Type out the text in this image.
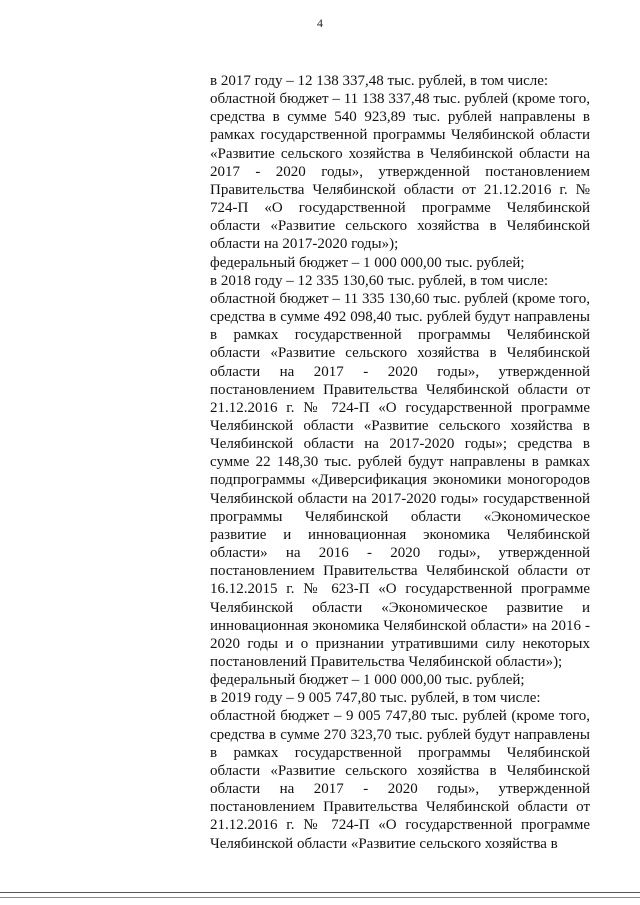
4

в 2017 году – 12 138 337,48 тыс. рублей, в том числе:

областной бюджет – 11 138 337,48 тыс. рублей (кроме того, средства в сумме 540 923,89 тыс. рублей направлены в рамках государственной программы Челябинской области «Развитие сельского хозяйства в Челябинской области на 2017 - 2020 годы», утвержденной постановлением Правительства Челябинской области от 21.12.2016 г. № 724-П «О государственной программе Челябинской области «Развитие сельского хозяйства в Челябинской области на 2017-2020 годы»);

федеральный бюджет – 1 000 000,00 тыс. рублей;

в 2018 году – 12 335 130,60 тыс. рублей, в том числе:

областной бюджет – 11 335 130,60 тыс. рублей (кроме того, средства в сумме 492 098,40 тыс. рублей будут направлены в рамках государственной программы Челябинской области «Развитие сельского хозяйства в Челябинской области на 2017 - 2020 годы», утвержденной постановлением Правительства Челябинской области от 21.12.2016 г. № 724-П «О государственной программе Челябинской области «Развитие сельского хозяйства в Челябинской области на 2017-2020 годы»; средства в сумме 22 148,30 тыс. рублей будут направлены в рамках подпрограммы «Диверсификация экономики моногородов Челябинской области на 2017-2020 годы» государственной программы Челябинской области «Экономическое развитие и инновационная экономика Челябинской области» на 2016 - 2020 годы», утвержденной постановлением Правительства Челябинской области от 16.12.2015 г. № 623-П «О государственной программе Челябинской области «Экономическое развитие и инновационная экономика Челябинской области» на 2016 - 2020 годы и о признании утратившими силу некоторых постановлений Правительства Челябинской области»);

федеральный бюджет – 1 000 000,00 тыс. рублей;

в 2019 году – 9 005 747,80 тыс. рублей, в том числе:

областной бюджет – 9 005 747,80 тыс. рублей (кроме того, средства в сумме 270 323,70 тыс. рублей будут направлены в рамках государственной программы Челябинской области «Развитие сельского хозяйства в Челябинской области на 2017 - 2020 годы», утвержденной постановлением Правительства Челябинской области от 21.12.2016 г. № 724-П «О государственной программе Челябинской области «Развитие сельского хозяйства в
